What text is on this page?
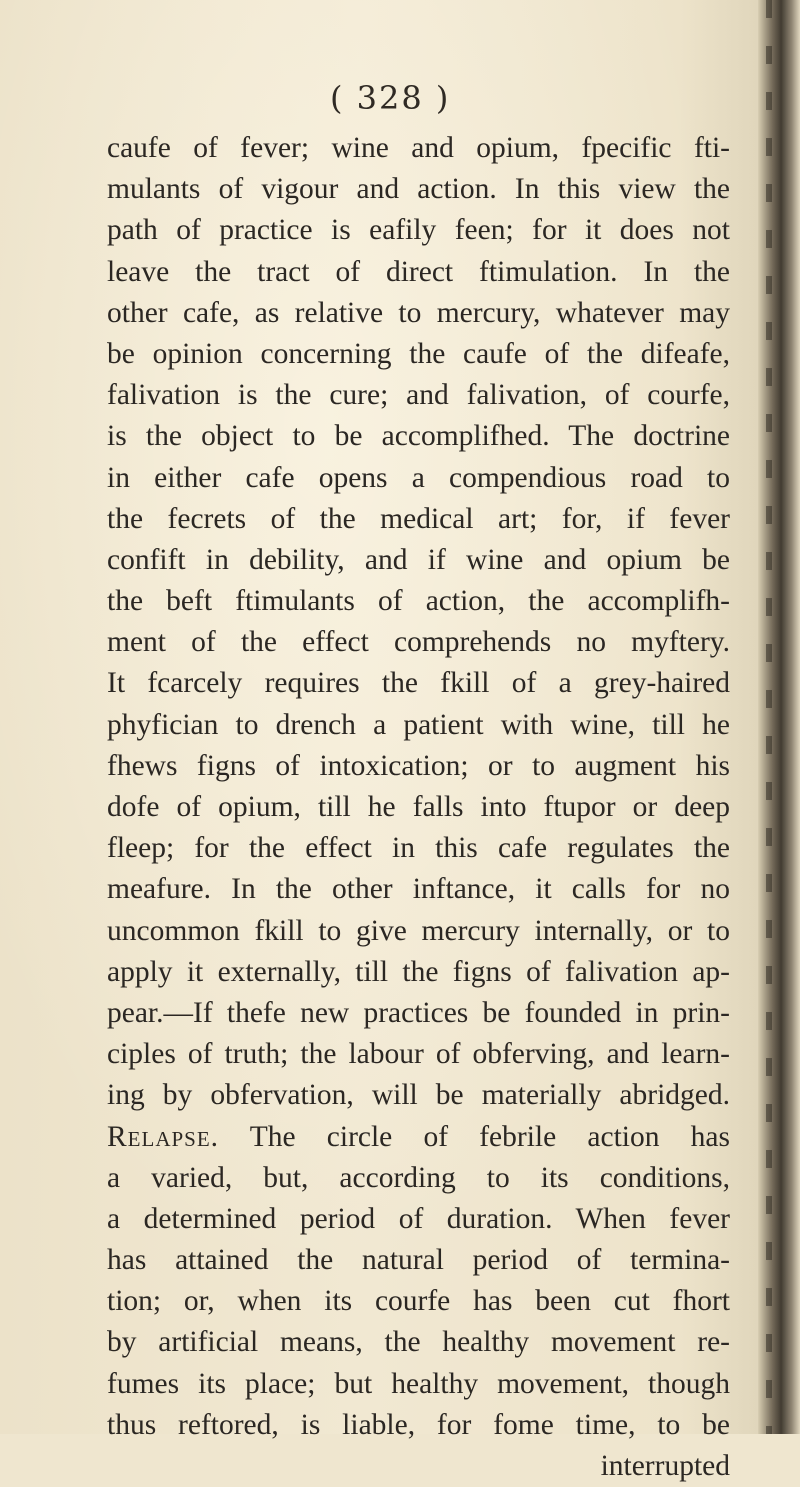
( 328 )
caufe of fever; wine and opium, fpecific fti-
mulants of vigour and action. In this view the
path of practice is eafily feen; for it does not
leave the tract of direct ftimulation. In the
other cafe, as relative to mercury, whatever may
be opinion concerning the caufe of the difeafe,
falivation is the cure; and falivation, of courfe,
is the object to be accomplifhed. The doctrine
in either cafe opens a compendious road to
the fecrets of the medical art; for, if fever
confift in debility, and if wine and opium be
the beft ftimulants of action, the accomplifh-
ment of the effect comprehends no myftery.
It fcarcely requires the fkill of a grey-haired
phyfician to drench a patient with wine, till he
fhews figns of intoxication; or to augment his
dofe of opium, till he falls into ftupor or deep
fleep; for the effect in this cafe regulates the
meafure. In the other inftance, it calls for no
uncommon fkill to give mercury internally, or to
apply it externally, till the figns of falivation ap-
pear.—If thefe new practices be founded in prin-
ciples of truth; the labour of obferving, and learn-
ing by obfervation, will be materially abridged.
Relapse. The circle of febrile action has
a varied, but, according to its conditions,
a determined period of duration. When fever
has attained the natural period of termina-
tion; or, when its courfe has been cut fhort
by artificial means, the healthy movement re-
fumes its place; but healthy movement, though
thus reftored, is liable, for fome time, to be
interrupted
